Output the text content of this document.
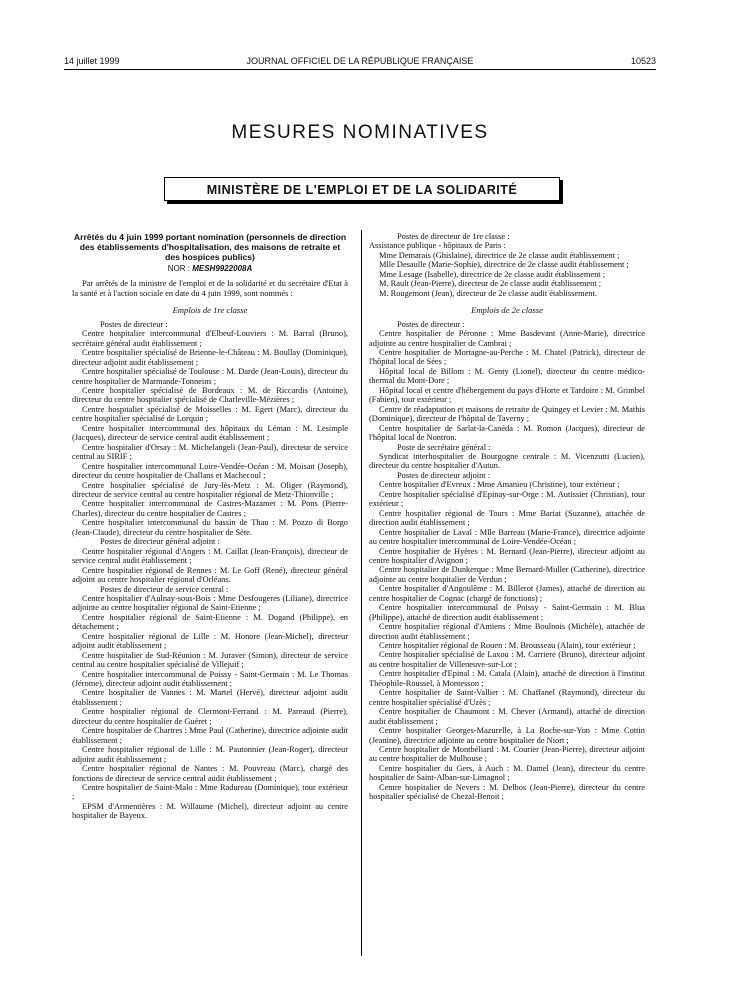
14 juillet 1999	JOURNAL OFFICIEL DE LA RÉPUBLIQUE FRANÇAISE	10523
MESURES NOMINATIVES
MINISTÈRE DE L'EMPLOI ET DE LA SOLIDARITÉ

Arrêtés du 4 juin 1999 portant nomination (personnels de direction des établissements d'hospitalisation, des maisons de retraite et des hospices publics)

NOR : MESH9922008A

Par arrêtés de la ministre de l'emploi et de la solidarité et du secrétaire d'Etat à la santé et à l'action sociale en date du 4 juin 1999, sont nommés :

Emplois de 1re classe

Postes de directeur :

Centre hospitalier intercommunal d'Elbeuf-Louviers : M. Barral (Bruno), secrétaire général audit établissement ;

Centre hospitalier spécialisé de Brienne-le-Château : M. Boullay (Dominique), directeur adjoint audit établissement ;

Centre hospitalier spécialisé de Toulouse : M. Darde (Jean-Louis), directeur du centre hospitalier de Marmande-Tonneins ;

Centre hospitalier spécialisé de Bordeaux : M. de Riccardis (Antoine), directeur du centre hospitalier spécialisé de Charleville-Mézières ;

Centre hospitalier spécialisé de Moisselles : M. Egert (Marc), directeur du centre hospitalier spécialisé de Lorquin ;

Centre hospitalier intercommunal des hôpitaux du Léman : M. Lesimple (Jacques), directeur de service central audit établissement ;

Centre hospitalier d'Orsay : M. Michelangeli (Jean-Paul), directeur de service central au SIRIF ;

Centre hospitalier intercommunal Loire-Vendée-Océan : M. Moisan (Joseph), directeur du centre hospitalier de Challans et Machecoul ;

Centre hospitalier spécialisé de Jury-lès-Metz : M. Oliger (Raymond), directeur de service central au centre hospitalier régional de Metz-Thionville ;

Centre hospitalier intercommunal de Castres-Mazamet : M. Pons (Pierre-Charles), directeur du centre hospitalier de Castres ;

Centre hospitalier intercommunal du bassin de Thau : M. Pozzo di Borgo (Jean-Claude), directeur du centre hospitalier de Sète.

Postes de directeur général adjoint :

Centre hospitalier régional d'Angers : M. Caillat (Jean-François), directeur de service central audit établissement ;

Centre hospitalier régional de Rennes : M. Le Goff (René), directeur général adjoint au centre hospitalier régional d'Orléans.

Postes de directeur de service central :

Centre hospitalier d'Aulnay-sous-Bois : Mme Desfougeres (Liliane), directrice adjointe au centre hospitalier régional de Saint-Etienne ;

Centre hospitalier régional de Saint-Etienne : M. Dugand (Philippe), en détachement ;

Centre hospitalier régional de Lille : M. Honore (Jean-Michel), directeur adjoint audit établissement ;

Centre hospitalier de Sud-Réunion : M. Juraver (Simon), directeur de service central au centre hospitalier spécialisé de Villejuif ;

Centre hospitalier intercommunal de Poissy - Saint-Germain : M. Le Thomas (Jérome), directeur adjoint audit établissement ;

Centre hospitalier de Vannes : M. Martel (Hervé), directeur adjoint audit établissement ;

Centre hospitalier régional de Clermont-Ferrand : M. Pareaud (Pierre), directeur du centre hospitalier de Guéret ;

Centre hospitalier de Chartres : Mme Paul (Catherine), directrice adjointe audit établissement ;

Centre hospitalier régional de Lille : M. Pautonnier (Jean-Roger), directeur adjoint audit établissement ;

Centre hospitalier régional de Nantes : M. Pouvreau (Marc), chargé des fonctions de directeur de service central audit établissement ;

Centre hospitalier de Saint-Malo : Mme Radureau (Dominique), tour extérieur ;

EPSM d'Armentières : M. Willaume (Michel), directeur adjoint au centre hospitalier de Bayeux.

Postes de directeur de 1re classe :

Assistance publique - hôpitaux de Paris :

Mme Demarais (Ghislaine), directrice de 2e classe audit établissement ;

Mlle Desaulle (Marie-Sophie), directrice de 2e classe audit établissement ;

Mme Lesage (Isabelle), directrice de 2e classe audit établissement ;

M. Rault (Jean-Pierre), directeur de 2e classe audit établissement ;

M. Rougemont (Jean), directeur de 2e classe audit établissement.

Emplois de 2e classe

Postes de directeur :

Centre hospitalier de Péronne : Mme Basdevant (Anne-Marie), directrice adjointe au centre hospitalier de Cambrai ;

Centre hospitalier de Mortagne-au-Perche : M. Chatel (Patrick), directeur de l'hôpital local de Sées ;

Hôpital local de Billom : M. Genty (Lionel), directeur du centre médico-thermal du Mont-Dore ;

Hôpital local et centre d'hébergement du pays d'Horte et Tardoire : M. Grimbel (Fabien), tour extérieur ;

Centre de réadaptation et maisons de retraite de Quingey et Levier : M. Mathis (Dominique), directeur de l'hôpital de Taverny ;

Centre hospitalier de Sarlat-la-Canéda : M. Romon (Jacques), directeur de l'hôpital local de Nontron.

Poste de secrétaire général :

Syndicat interhospitalier de Bourgogne centrale : M. Vicenzutti (Lucien), directeur du centre hospitalier d'Autun.

Postes de directeur adjoint :

Centre hospitalier d'Evreux : Mme Amanieu (Christine), tour extérieur ;

Centre hospitalier spécialisé d'Epinay-sur-Orge : M. Autissier (Christian), tour extérieur ;

Centre hospitalier régional de Tours : Mme Bariat (Suzanne), attachée de direction audit établissement ;

Centre hospitalier de Laval : Mlle Barreau (Marie-France), directrice adjointe au centre hospitalier intercommunal de Loire-Vendée-Océan ;

Centre hospitalier de Hyères : M. Bernard (Jean-Pierre), directeur adjoint au centre hospitalier d'Avignon ;

Centre hospitalier de Dunkerque : Mme Bernard-Muller (Catherine), directrice adjointe au centre hospitalier de Verdun ;

Centre hospitalier d'Angoulême : M. Billerot (James), attaché de direction au centre hospitalier de Cognac (chargé de fonctions) ;

Centre hospitalier intercommunal de Poissy - Saint-Germain : M. Blua (Philippe), attaché de direction audit établissement ;

Centre hospitalier régional d'Amiens : Mme Boulnois (Michèle), attachée de direction audit établissement ;

Centre hospitalier régional de Rouen : M. Brousseau (Alain), tour extérieur ;

Centre hospitalier spécialisé de Laxou : M. Carriere (Bruno), directeur adjoint au centre hospitalier de Villeneuve-sur-Lot ;

Centre hospitalier d'Epinal : M. Catala (Alain), attaché de direction à l'institut Théophile-Roussel, à Montesson ;

Centre hospitalier de Saint-Vallier : M. Chaffanel (Raymond), directeur du centre hospitalier spécialisé d'Uzès ;

Centre hospitalier de Chaumont : M. Chever (Armand), attaché de direction audit établissement ;

Centre hospitalier Georges-Mazurelle, à La Roche-sur-Yon : Mme Cottin (Jeanine), directrice adjointe au centre hospitalier de Niort ;

Centre hospitalier de Montbéliard : M. Courier (Jean-Pierre), directeur adjoint au centre hospitalier de Mulhouse ;

Centre hospitalier du Gers, à Auch : M. Damel (Jean), directeur du centre hospitalier de Saint-Alban-sur-Limagnol ;

Centre hospitalier de Nevers : M. Delbos (Jean-Pierre), directeur du centre hospitalier spécialisé de Chezal-Benoit ;
